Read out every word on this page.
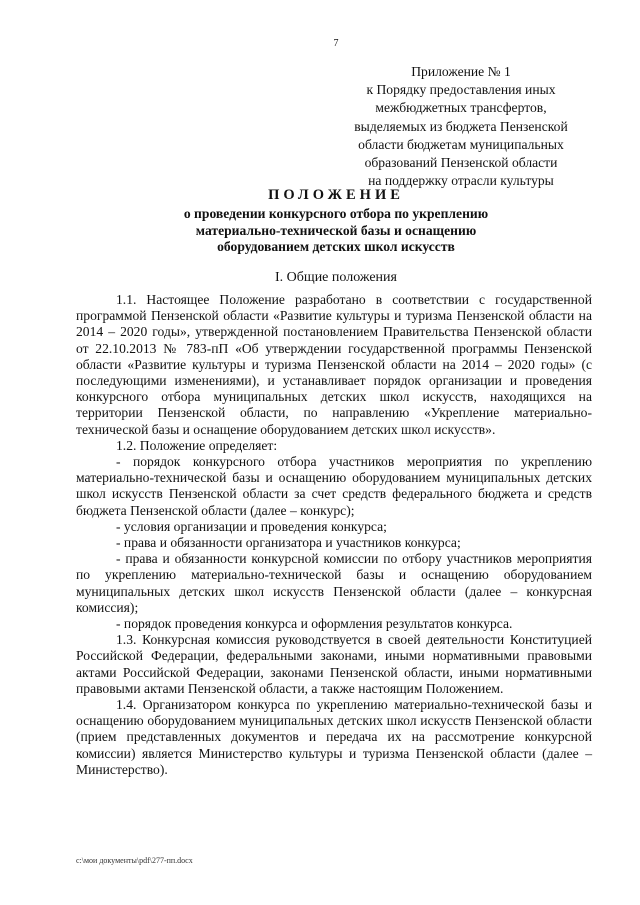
7
Приложение № 1
к Порядку предоставления иных
межбюджетных трансфертов,
выделяемых из бюджета Пензенской
области бюджетам муниципальных
образований Пензенской области
на поддержку отрасли культуры
ПОЛОЖЕНИЕ
о проведении конкурсного отбора по укреплению
материально-технической базы и оснащению
оборудованием детских школ искусств
I. Общие положения

1.1. Настоящее Положение разработано в соответствии с государственной программой Пензенской области «Развитие культуры и туризма Пензенской области на 2014 – 2020 годы», утвержденной постановлением Правительства Пензенской области от 22.10.2013 № 783-пП «Об утверждении государственной программы Пензенской области «Развитие культуры и туризма Пензенской области на 2014 – 2020 годы» (с последующими изменениями), и устанавливает порядок организации и проведения конкурсного отбора муниципальных детских школ искусств, находящихся на территории Пензенской области, по направлению «Укрепление материально-технической базы и оснащение оборудованием детских школ искусств».

1.2. Положение определяет:

- порядок конкурсного отбора участников мероприятия по укреплению материально-технической базы и оснащению оборудованием муниципальных детских школ искусств Пензенской области за счет средств федерального бюджета и средств бюджета Пензенской области (далее – конкурс);

- условия организации и проведения конкурса;

- права и обязанности организатора и участников конкурса;

- права и обязанности конкурсной комиссии по отбору участников мероприятия по укреплению материально-технической базы и оснащению оборудованием муниципальных детских школ искусств Пензенской области (далее – конкурсная комиссия);

- порядок проведения конкурса и оформления результатов конкурса.

1.3. Конкурсная комиссия руководствуется в своей деятельности Конституцией Российской Федерации, федеральными законами, иными нормативными правовыми актами Российской Федерации, законами Пензенской области, иными нормативными правовыми актами Пензенской области, а также настоящим Положением.

1.4. Организатором конкурса по укреплению материально-технической базы и оснащению оборудованием муниципальных детских школ искусств Пензенской области (прием представленных документов и передача их на рассмотрение конкурсной комиссии) является Министерство культуры и туризма Пензенской области (далее – Министерство).

c:\мои документы\pdf\277-пп.docx
